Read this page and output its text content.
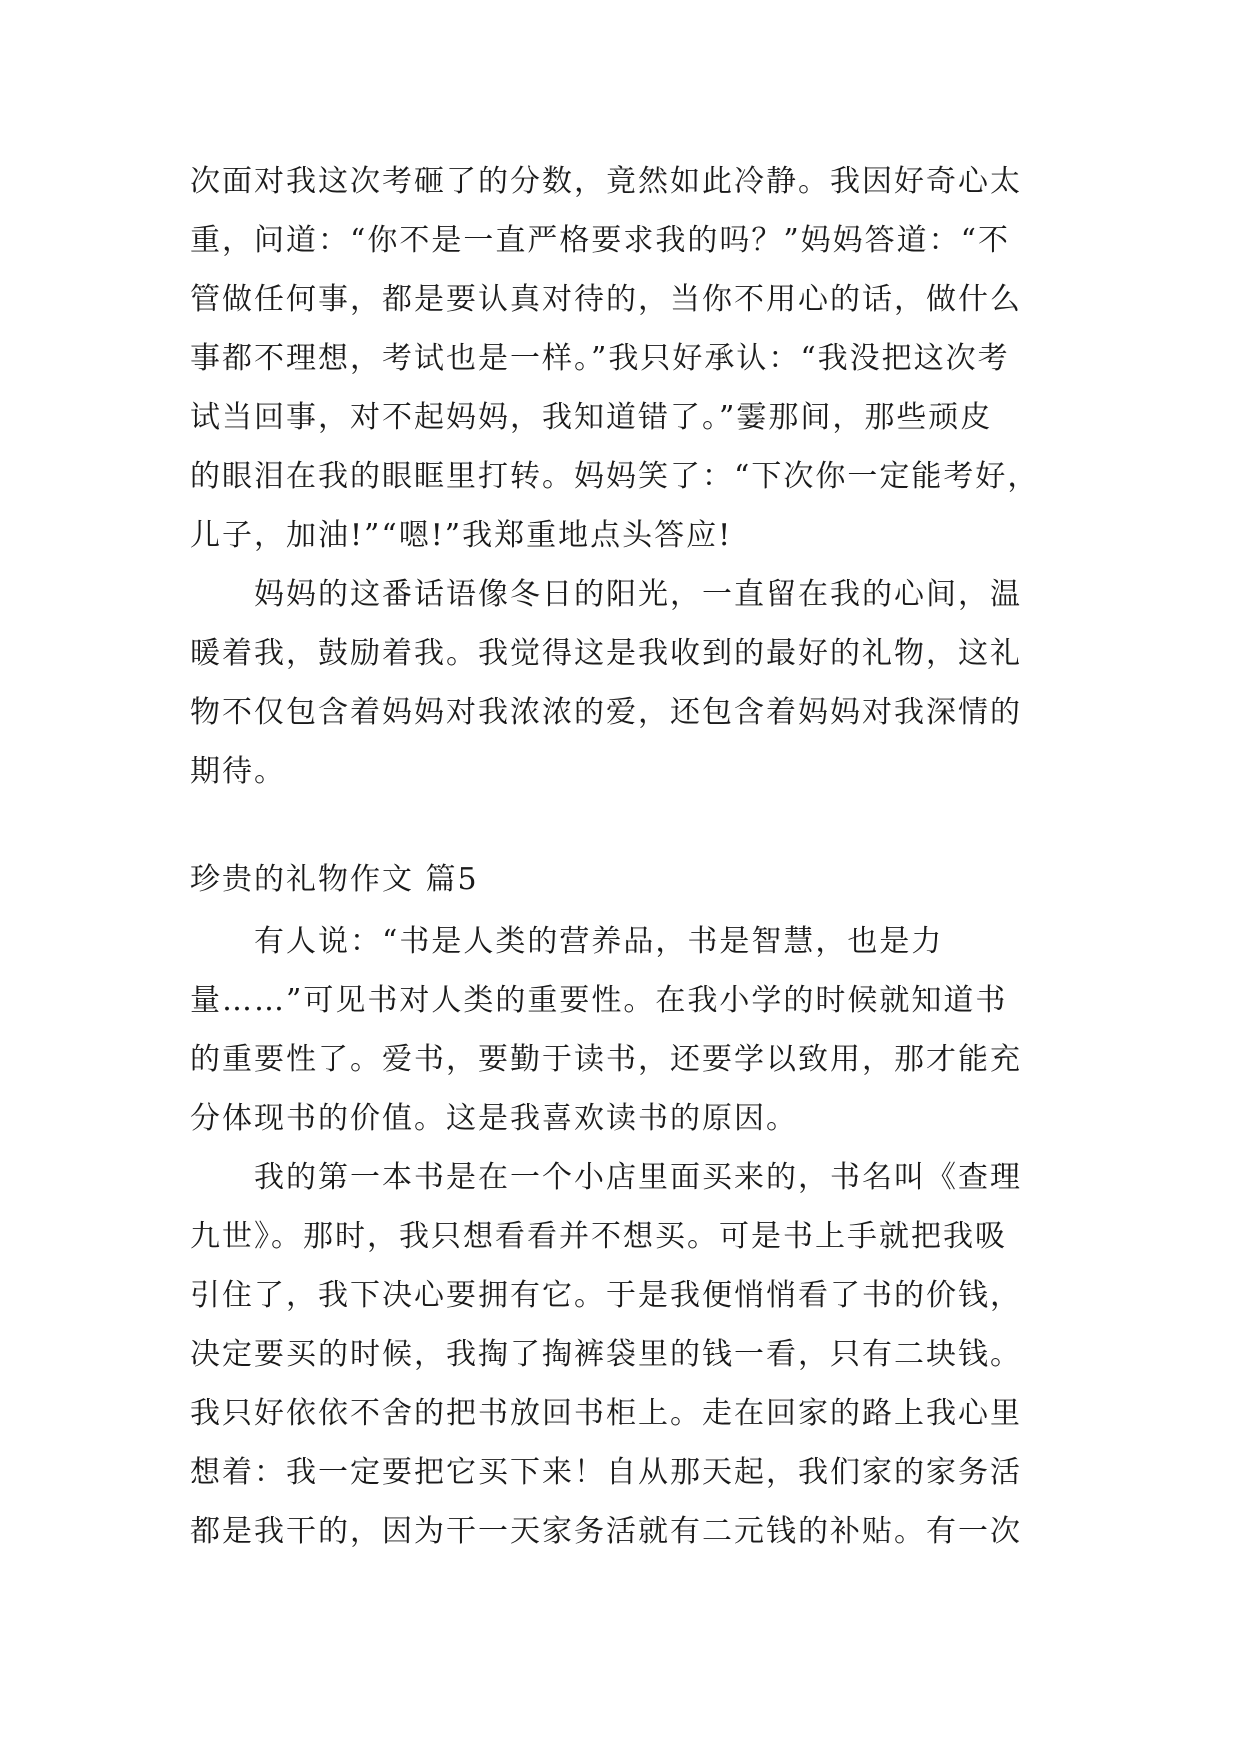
次面对我这次考砸了的分数，竟然如此冷静。我因好奇心太
重，问道：“你不是一直严格要求我的吗？”妈妈答道：“不
管做任何事，都是要认真对待的，当你不用心的话，做什么
事都不理想，考试也是一样。”我只好承认：“我没把这次考
试当回事，对不起妈妈，我知道错了。”霎那间，那些顽皮
的眼泪在我的眼眶里打转。妈妈笑了：“下次你一定能考好，
儿子，加油!”“嗯!”我郑重地点头答应!
　　妈妈的这番话语像冬日的阳光，一直留在我的心间，温
暖着我，鼓励着我。我觉得这是我收到的最好的礼物，这礼
物不仅包含着妈妈对我浓浓的爱，还包含着妈妈对我深情的
期待。
珍贵的礼物作文 篇5
　　有人说：“书是人类的营养品，书是智慧，也是力
量……”可见书对人类的重要性。在我小学的时候就知道书
的重要性了。爱书，要勤于读书，还要学以致用，那才能充
分体现书的价值。这是我喜欢读书的原因。
　　我的第一本书是在一个小店里面买来的，书名叫《查理
九世》。那时，我只想看看并不想买。可是书上手就把我吸
引住了，我下决心要拥有它。于是我便悄悄看了书的价钱，
决定要买的时候，我掏了掏裤袋里的钱一看，只有二块钱。
我只好依依不舍的把书放回书柜上。走在回家的路上我心里
想着：我一定要把它买下来！自从那天起，我们家的家务活
都是我干的，因为干一天家务活就有二元钱的补贴。有一次
